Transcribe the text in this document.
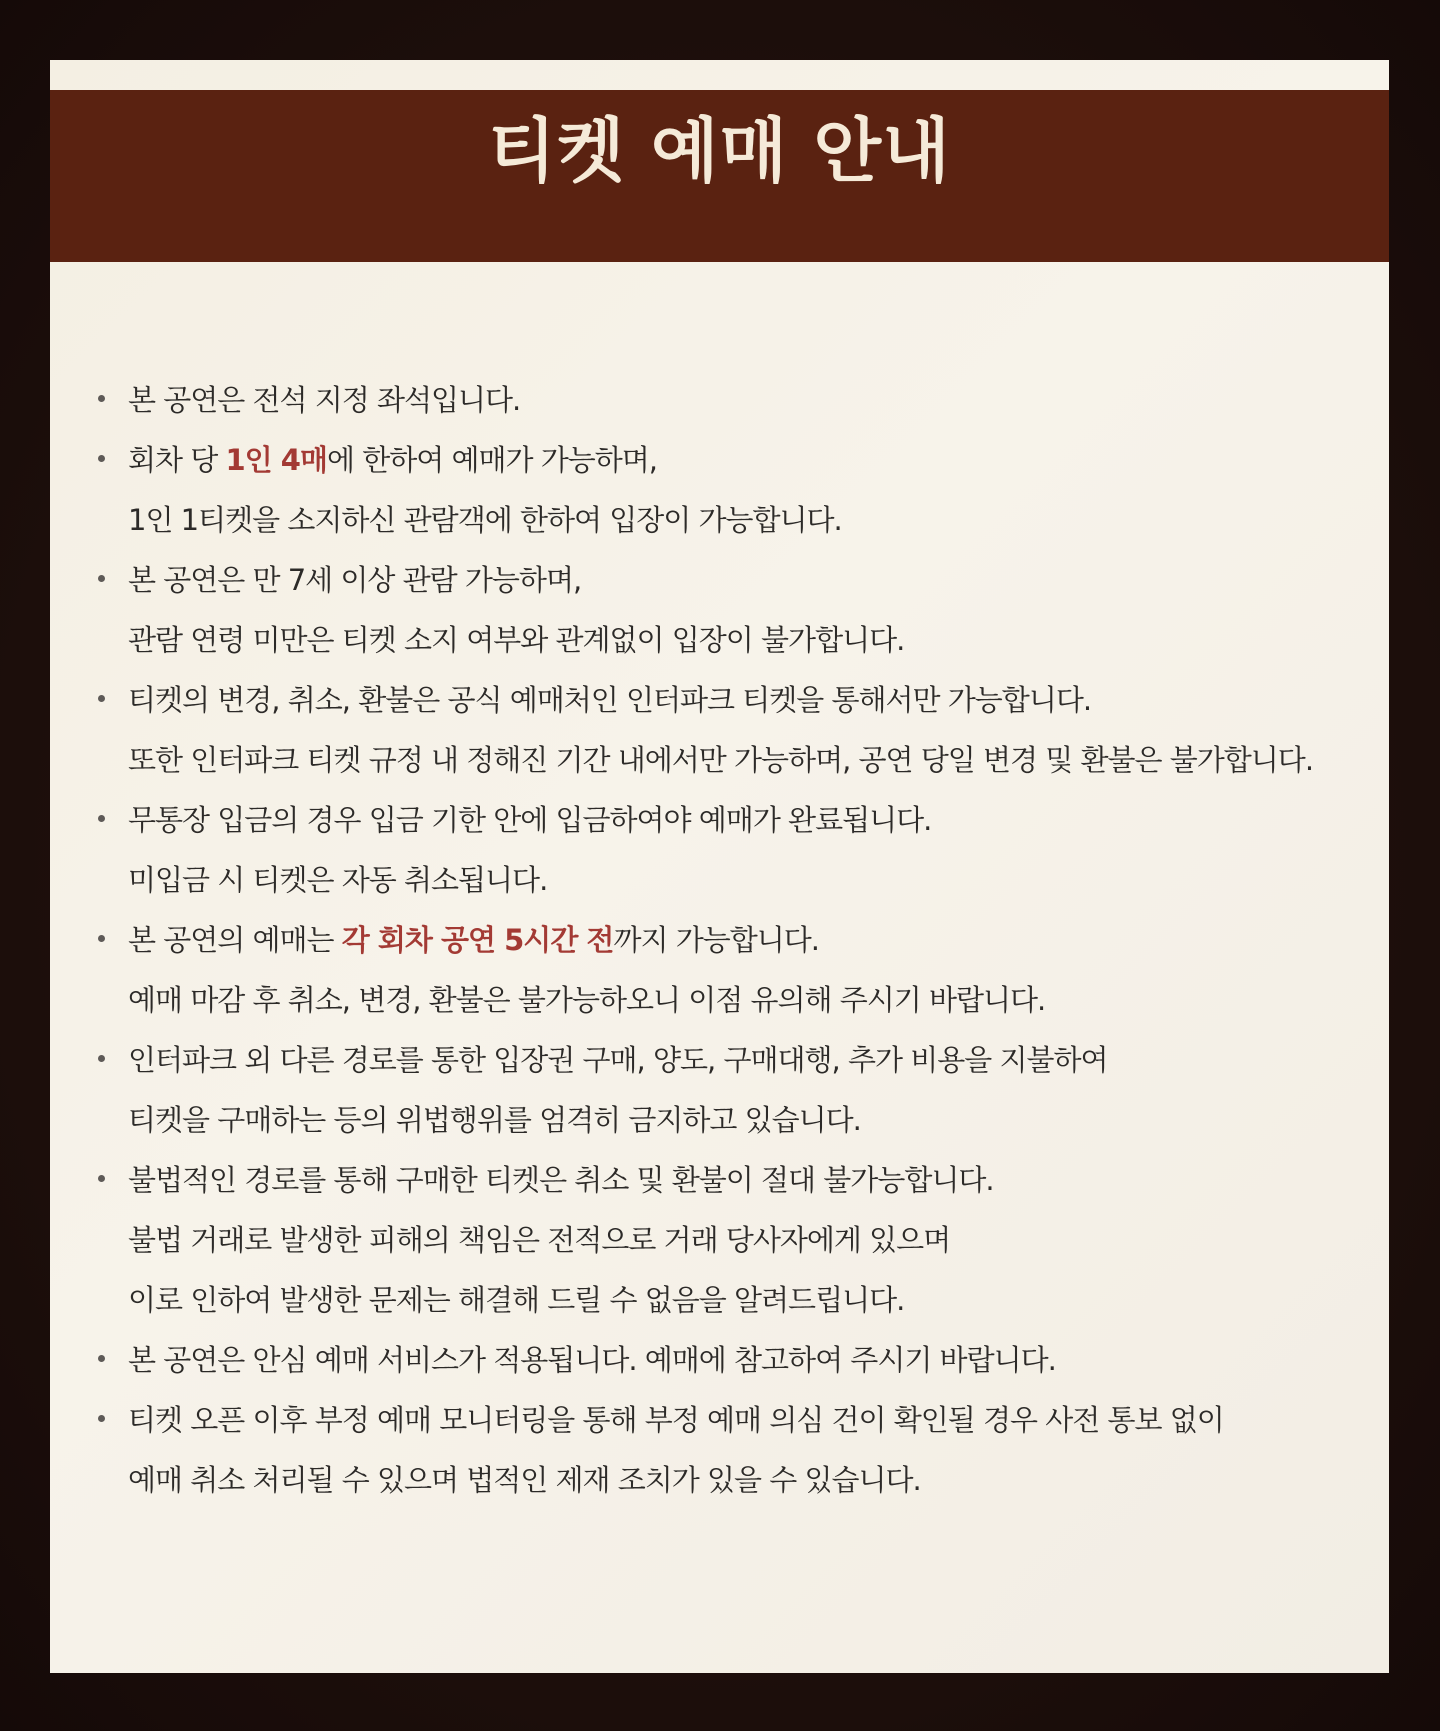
티켓 예매 안내
본 공연은 전석 지정 좌석입니다.
회차 당 1인 4매에 한하여 예매가 가능하며,
1인 1티켓을 소지하신 관람객에 한하여 입장이 가능합니다.
본 공연은 만 7세 이상 관람 가능하며,
관람 연령 미만은 티켓 소지 여부와 관계없이 입장이 불가합니다.
티켓의 변경, 취소, 환불은 공식 예매처인 인터파크 티켓을 통해서만 가능합니다.
또한 인터파크 티켓 규정 내 정해진 기간 내에서만 가능하며, 공연 당일 변경 및 환불은 불가합니다.
무통장 입금의 경우 입금 기한 안에 입금하여야 예매가 완료됩니다.
미입금 시 티켓은 자동 취소됩니다.
본 공연의 예매는 각 회차 공연 5시간 전까지 가능합니다.
예매 마감 후 취소, 변경, 환불은 불가능하오니 이점 유의해 주시기 바랍니다.
인터파크 외 다른 경로를 통한 입장권 구매, 양도, 구매대행, 추가 비용을 지불하여
티켓을 구매하는 등의 위법행위를 엄격히 금지하고 있습니다.
불법적인 경로를 통해 구매한 티켓은 취소 및 환불이 절대 불가능합니다.
불법 거래로 발생한 피해의 책임은 전적으로 거래 당사자에게 있으며
이로 인하여 발생한 문제는 해결해 드릴 수 없음을 알려드립니다.
본 공연은 안심 예매 서비스가 적용됩니다. 예매에 참고하여 주시기 바랍니다.
티켓 오픈 이후 부정 예매 모니터링을 통해 부정 예매 의심 건이 확인될 경우 사전 통보 없이
예매 취소 처리될 수 있으며 법적인 제재 조치가 있을 수 있습니다.
